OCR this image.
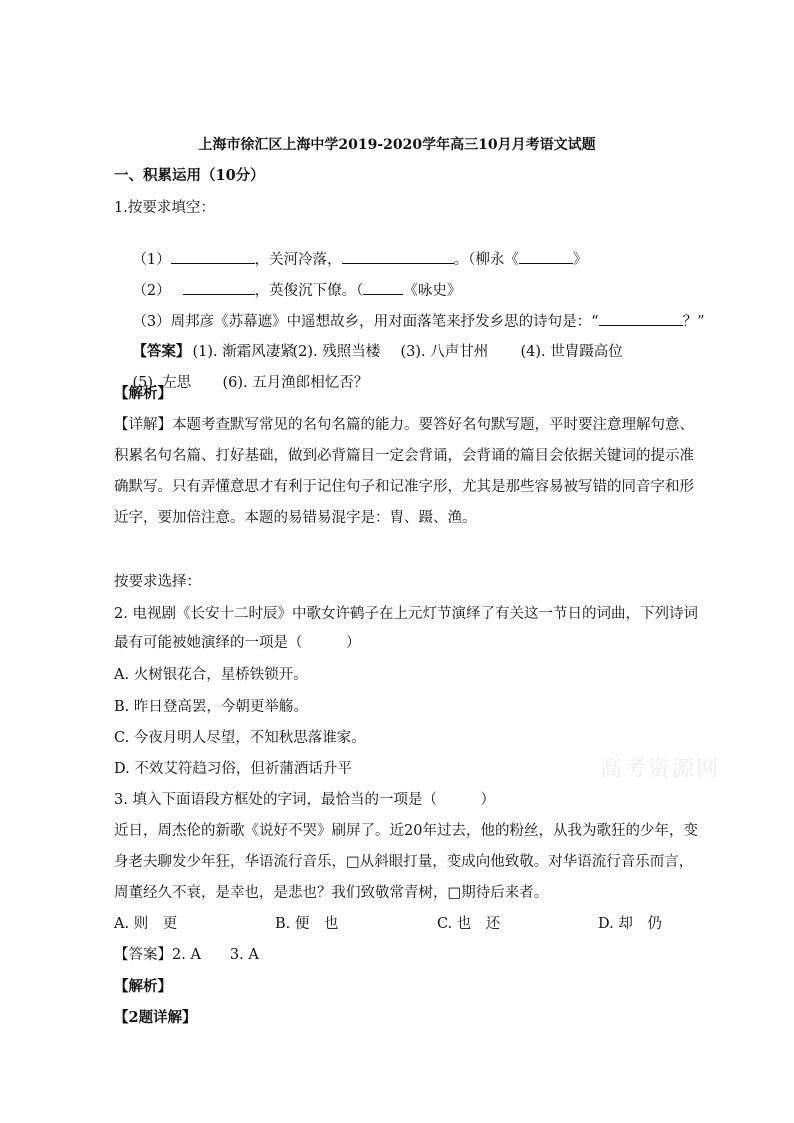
上海市徐汇区上海中学2019-2020学年高三10月月考语文试题
一、积累运用（10分）
1.按要求填空：

（1）	，关河冷落，	。（柳永《	》

（2）	，英俊沉下僚。（	《咏史》

（3）周邦彦《苏幕遮》中遥想故乡，用对面落笔来抒发乡思的诗句是：“	？”

【答案】 (1). 渐霜风凄紧(2). 残照当楼 (3). 八声甘州 (4). 世胄蹑高位

(5). 左思 (6). 五月渔郎相忆否？

【解析】
【详解】本题考查默写常见的名句名篇的能力。要答好名句默写题，平时要注意理解句意、
积累名句名篇、打好基础，做到必背篇目一定会背诵，会背诵的篇目会依据关键词的提示准
确默写。只有弄懂意思才有利于记住句子和记准字形，尤其是那些容易被写错的同音字和形
近字，要加倍注意。本题的易错易混字是：胄、蹑、渔。
按要求选择：
2. 电视剧《长安十二时辰》中歌女许鹤子在上元灯节演绎了有关这一节日的词曲，下列诗词
最有可能被她演绎的一项是（　　　）
A. 火树银花合，星桥铁锁开。
B. 昨日登高罢，今朝更举觞。
C. 今夜月明人尽望，不知秋思落谁家。
D. 不效艾符趋习俗，但祈蒲酒话升平
3. 填入下面语段方框处的字词，最恰当的一项是（　　　）
近日，周杰伦的新歌《说好不哭》刷屏了。近20年过去，他的粉丝，从我为歌狂的少年，变
身老夫聊发少年狂，华语流行音乐，□从斜眼打量，变成向他致敬。对华语流行音乐而言，
周董经久不衰，是幸也，是悲也？我们致敬常青树，□期待后来者。
A. 则　更	B. 便　也	C. 也　还	D. 却　仍
【答案】2. A　　3. A
【解析】
【2题详解】
高考资源网
